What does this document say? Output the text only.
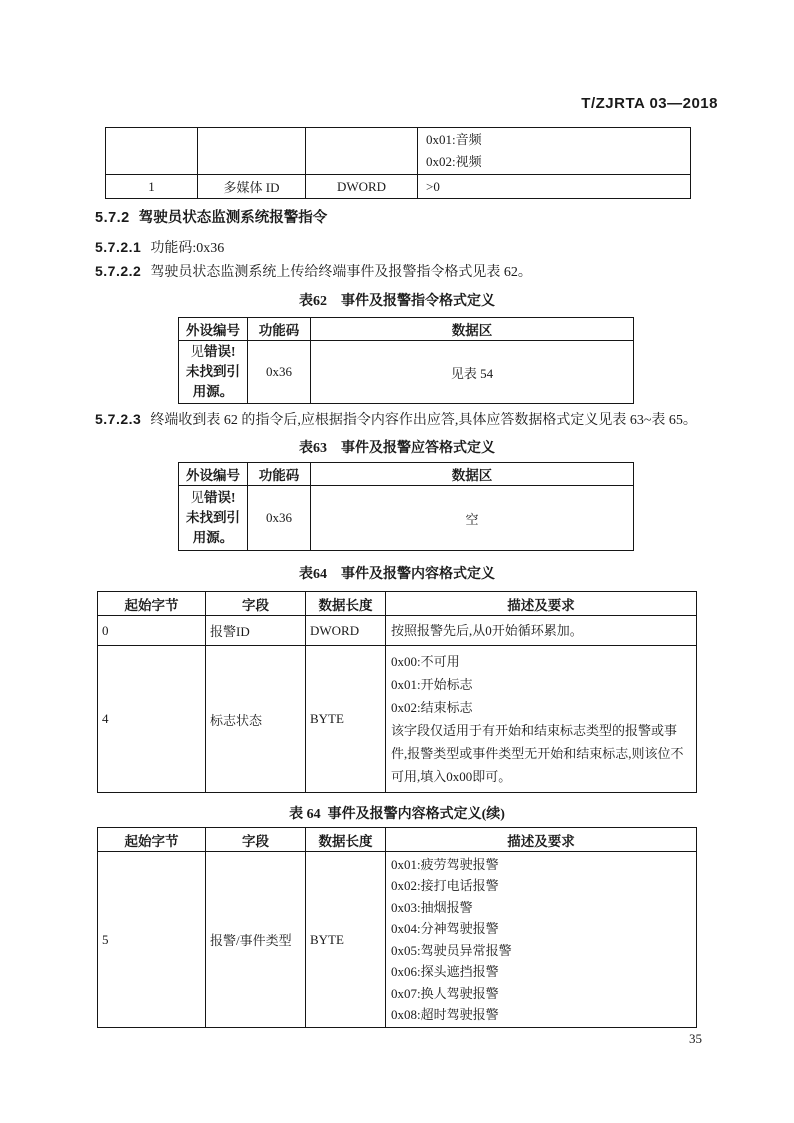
T/ZJRTA 03—2018

			0x01:音频
0x02:视频

1	多媒体 ID	DWORD	>0
5.7.2 驾驶员状态监测系统报警指令
5.7.2.1 功能码:0x36
5.7.2.2 驾驶员状态监测系统上传给终端事件及报警指令格式见表 62。
表62 事件及报警指令格式定义
外设编号	功能码	数据区

见错误!未找到引用源。	0x36	见表 54
5.7.2.3 终端收到表 62 的指令后,应根据指令内容作出应答,具体应答数据格式定义见表 63~表 65。
表63 事件及报警应答格式定义
外设编号	功能码	数据区

见错误!未找到引用源。	0x36	空
表64 事件及报警内容格式定义
起始字节	字段	数据长度	描述及要求
0	报警ID	DWORD	按照报警先后,从0开始循环累加。

4	标志状态	BYTE	0x00:不可用
0x01:开始标志
0x02:结束标志
该字段仅适用于有开始和结束标志类型的报警或事件,报警类型或事件类型无开始和结束标志,则该位不可用,填入0x00即可。
表 64 事件及报警内容格式定义(续)
起始字节	字段	数据长度	描述及要求
5	报警/事件类型	BYTE	
0x01:疲劳驾驶报警
0x02:接打电话报警
0x03:抽烟报警
0x04:分神驾驶报警
0x05:驾驶员异常报警
0x06:探头遮挡报警
0x07:换人驾驶报警
0x08:超时驾驶报警
35
